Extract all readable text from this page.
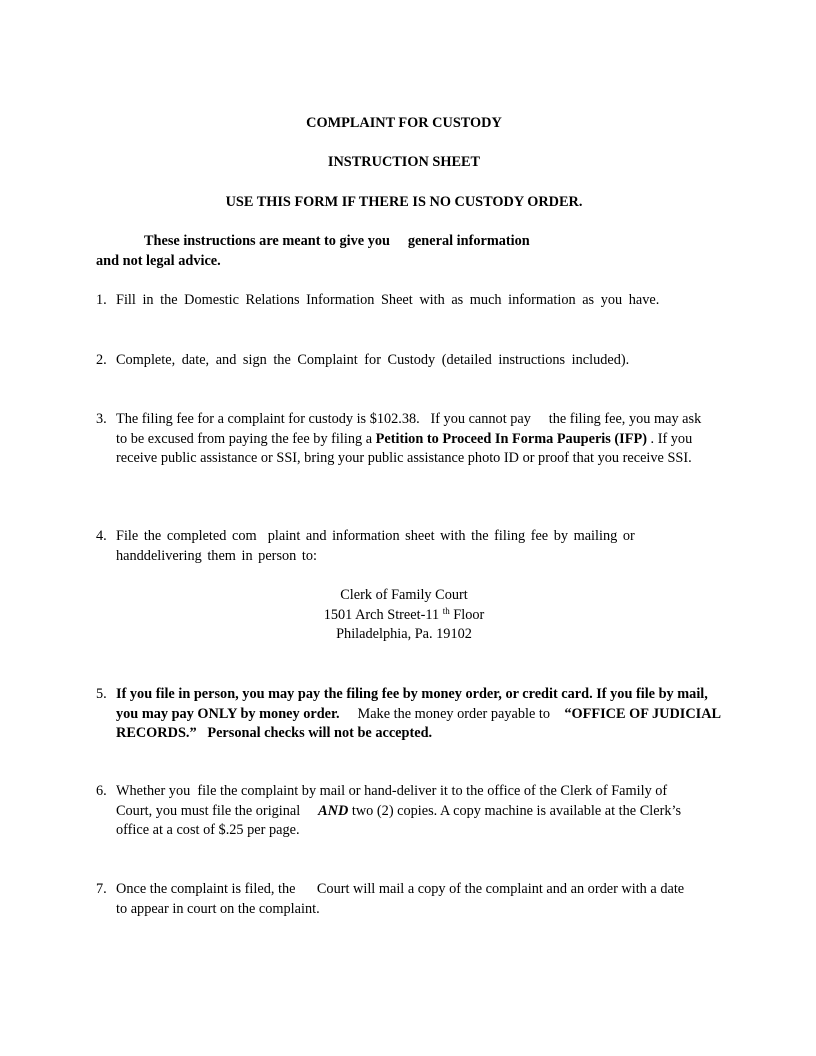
COMPLAINT FOR CUSTODY
INSTRUCTION SHEET
USE THIS FORM IF THERE IS NO CUSTODY ORDER.
These instructions are meant to give you     general information
and not legal advice.
1. Fill in the Domestic Relations Information Sheet with as much information as you have.
2. Complete, date, and sign the Complaint for Custody (detailed instructions included).
3. The filing fee for a complaint for custody is $102.38.   If you cannot pay     the filing fee, you may ask to be excused from paying the fee by filing a Petition to Proceed In Forma Pauperis (IFP) . If you receive public assistance or SSI, bring your public assistance photo ID or proof that you receive SSI.
4. File the completed com  plaint and information sheet with the filing fee by mailing or handdelivering them in person to:
Clerk of Family Court
1501 Arch Street-11 $^{th}$ Floor
Philadelphia, Pa. 19102
5. If you file in person, you may pay the filing fee by money order, or credit card. If you file by mail, you may pay ONLY by money order.     Make the money order payable to    “OFFICE OF JUDICIAL RECORDS.”   Personal checks will not be accepted.
6. Whether you  file the complaint by mail or hand-deliver it to the office of the Clerk of Family of Court, you must file the original     AND two (2) copies. A copy machine is available at the Clerk’s office at a cost of $.25 per page.
7. Once the complaint is filed, the      Court will mail a copy of the complaint and an order with a date to appear in court on the complaint.
